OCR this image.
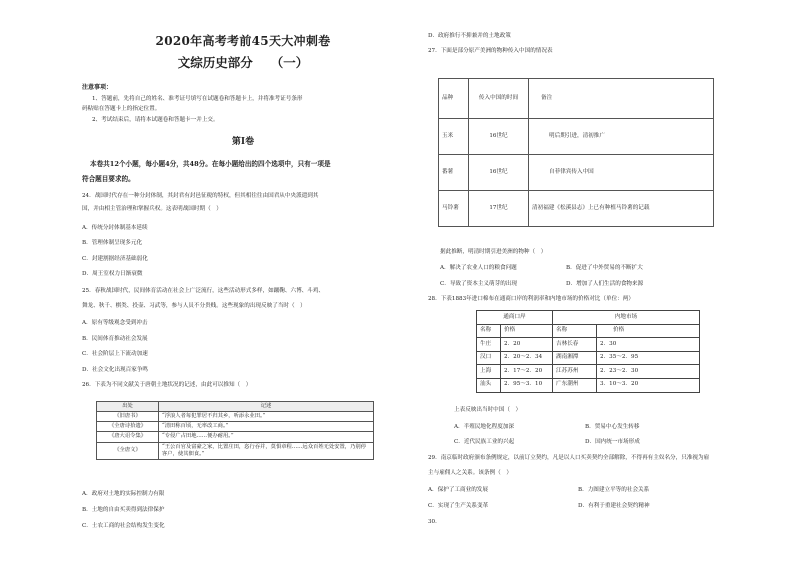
2020年高考考前45天大冲刺卷
文综历史部分 （一）
注意事项：
1、答题前，先将自己的姓名、准考证号填写在试题卷和答题卡上，并将准考证号条形
码粘贴在答题卡上的指定位置。
2、考试结束后，请将本试题卷和答题卡一并上交。
第Ⅰ卷
本卷共12个小题，每小题4分，共48分。在每小题给出的四个选项中，只有一项是
符合题目要求的。
24．战国时代存在一种分封体制，其封君有封邑征税的特权，但其相往往由国君从中央派遣到其
国，并由相主管治理和掌握兵权。这表明战国时期（　）
A．传统分封体制基本延续
B．管理体制呈现多元化
C．封建割据经济基础弱化
D．周王室权力日渐衰微
25．春秋战国时代，民间体育活动在社会上广泛流行，这些活动形式多样，如蹴鞠、六博、斗鸡、
舞龙、秋千、棋类、投壶、习武等，参与人员不分贵贱。这些现象的出现反映了当时（　）
A．原有等级观念受到冲击
B．民间体育推动社会发展
C．社会阶层上下流动加速
D．社会文化出现百家争鸣
26．下表为不同文献关于唐朝土地状况的记述，由此可以推知（　）
出处	记述
《旧唐书》	“浮浪人者每犯罪居不归其乡，听添永业田。”
《全唐诗拾遗》	“清田称百顷，无率改工商。”
《唐大诏令集》	“专侵广占田地……便办耐用。”
《全唐文》	“王公百官及富豪之家，比置庄田，恣行吞并，莫惧章程……远众百姓无处安置，乃别停客户，使其佃食。”
A．政府对土地的实际控制力有限
B．土地的自由买卖得到法律保护
C．士农工商的社会结构发生变化
D．政府推行不抑兼并的土地政策
27．下面是部分原产美洲的物种传入中国的情况表
品种	传入中国的时间	备注
玉米	16世纪	明后期引进，清初推广
番薯	16世纪	自菲律宾传入中国
马铃薯	17世纪	清初福建《松溪县志》上已有种植马铃薯的记载
据此推断，明清时期引进美洲的物种（　）
A．解决了农业人口的粮食问题	B．促进了中外贸易的不断扩大
C．导致了资本主义萌芽的出现	D．增加了人们生活的食物来源
28．下表1883年进口棉布在通商口岸的利润率和内地市场的价格对比（单位：两）
通商口岸		内地市场	
名称	价格	名称	价格
牛庄	2．20	吉林长春	2．30
汉口	2．20～2．34	湖南湘潭	2．35～2．95
上海	2．17～2．20	江苏苏州	2．23～2．30
汕头	2．95～3．10	广东潮州	3．10～3．20
上表反映出当时中国（　）
A．半殖民地化程度加深	B．贸易中心发生转移
C．近代民族工业的兴起	D．国内统一市场形成
29．南京临时政府颁布条例规定，以前订立契约，凡是以人口买卖契约全部解除，不得再有主奴名分，只准视为雇
主与雇佣人之关系。该条例（　）
A．保护了工商业的发展	B．力图建立平等的社会关系
C．实现了生产关系变革	D．有利于重建社会契约精神
30．
